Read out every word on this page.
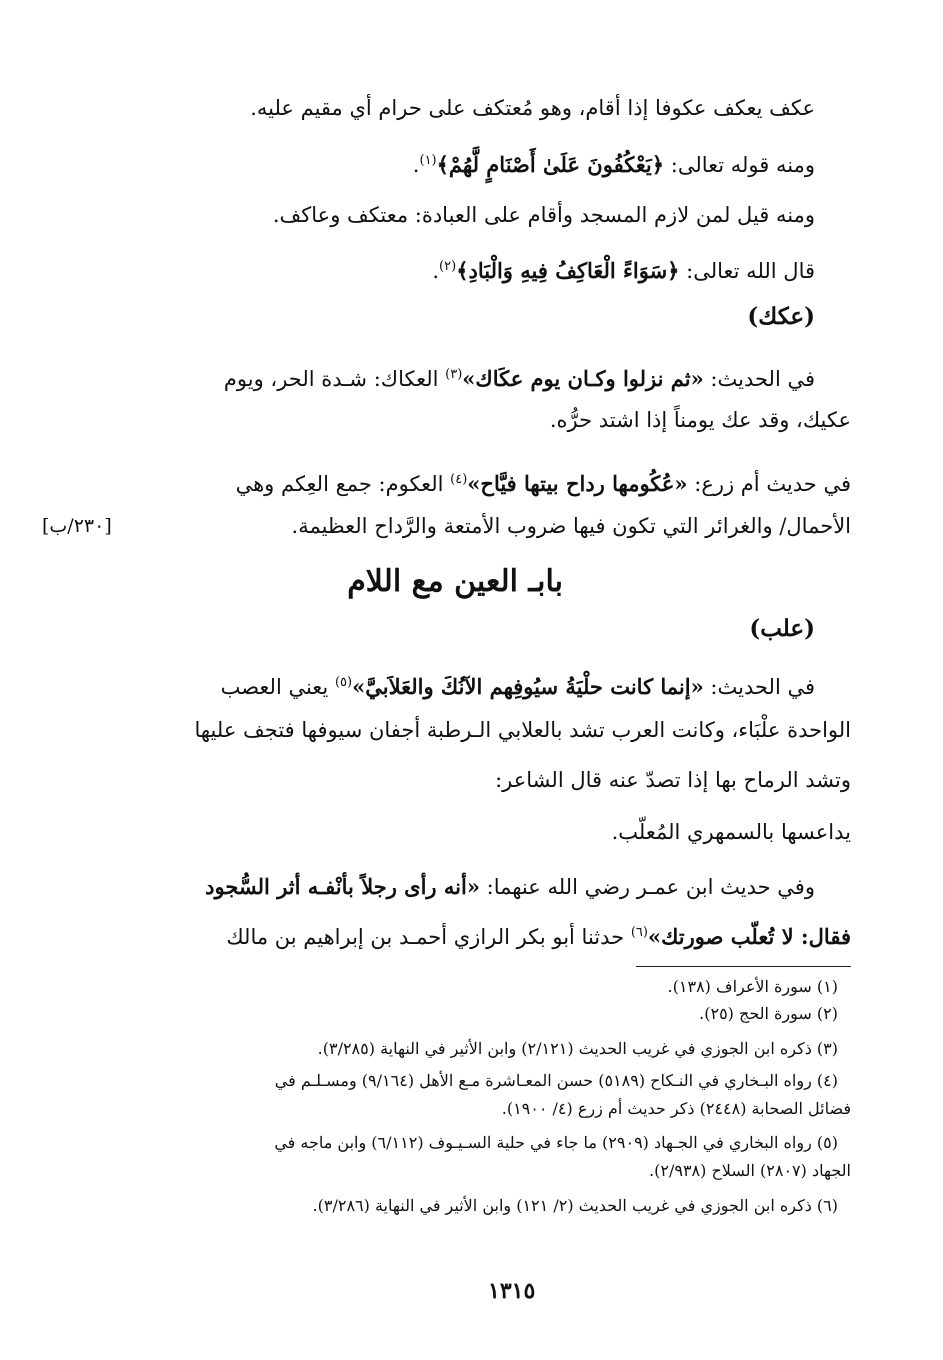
عكف يعكف عكوفا إذا أقام، وهو مُعتكف على حرام أي مقيم عليه.
ومنه قوله تعالى: ﴿يَعْكُفُونَ عَلَىٰ أَصْنَامٍ لَّهُمْ﴾$^{(١)}$.
ومنه قيل لمن لازم المسجد وأقام على العبادة: معتكف وعاكف.
قال الله تعالى: ﴿سَوَاءً الْعَاكِفُ فِيهِ وَالْبَادِ﴾$^{(٢)}$.
(عكك)
في الحديث: «ثم نزلوا وكـان يوم عكَاك»$^{(٣)}$ العكاك: شـدة الحر، ويوم
عكيك، وقد عك يومناً إذا اشتد حرُّه.
في حديث أم زرع: «عُكُومها رداح بيتها فيَّاح»$^{(٤)}$ العكوم: جمع العِكم وهي
الأحمال/ والغرائر التي تكون فيها ضروب الأمتعة والرَّداح العظيمة.
[٢٣٠/ب]
بابـ العين مع اللام
(علب)
في الحديث: «إنما كانت حلْيَةُ سيُوفِهم الآنُكَ والعَلاَبيَّ»$^{(٥)}$ يعني العصب
الواحدة علْبَاء، وكانت العرب تشد بالعلابي الـرطبة أجفان سيوفها فتجف عليها
وتشد الرماح بها إذا تصدّ عنه قال الشاعر:
يداعسها بالسمهري المُعلّب.
وفي حديث ابن عمـر رضي الله عنهما: «أنه رأى رجلاً بأنْفـه أثر السُّجود
فقال: لا تُعلّب صورتك»$^{(٦)}$ حدثنا أبو بكر الرازي أحمـد بن إبراهيم بن مالك
(١) سورة الأعراف (١٣٨).
(٢) سورة الحج (٢٥).
(٣) ذكره ابن الجوزي في غريب الحديث (٢/١٢١) وابن الأثير في النهاية (٣/٢٨٥).
(٤) رواه البـخاري في النـكاح (٥١٨٩) حسن المعـاشرة مـع الأهل (٩/١٦٤) ومسـلـم في
فضائل الصحابة (٢٤٤٨) ذكر حديث أم زرع (٤/ ١٩٠٠).
(٥) رواه البخاري في الجـهاد (٢٩٠٩) ما جاء في حلية السـيـوف (٦/١١٢) وابن ماجه في
الجهاد (٢٨٠٧) السلاح (٢/٩٣٨).
(٦) ذكره ابن الجوزي في غريب الحديث (٢/ ١٢١) وابن الأثير في النهاية (٣/٢٨٦).
١٣١٥
